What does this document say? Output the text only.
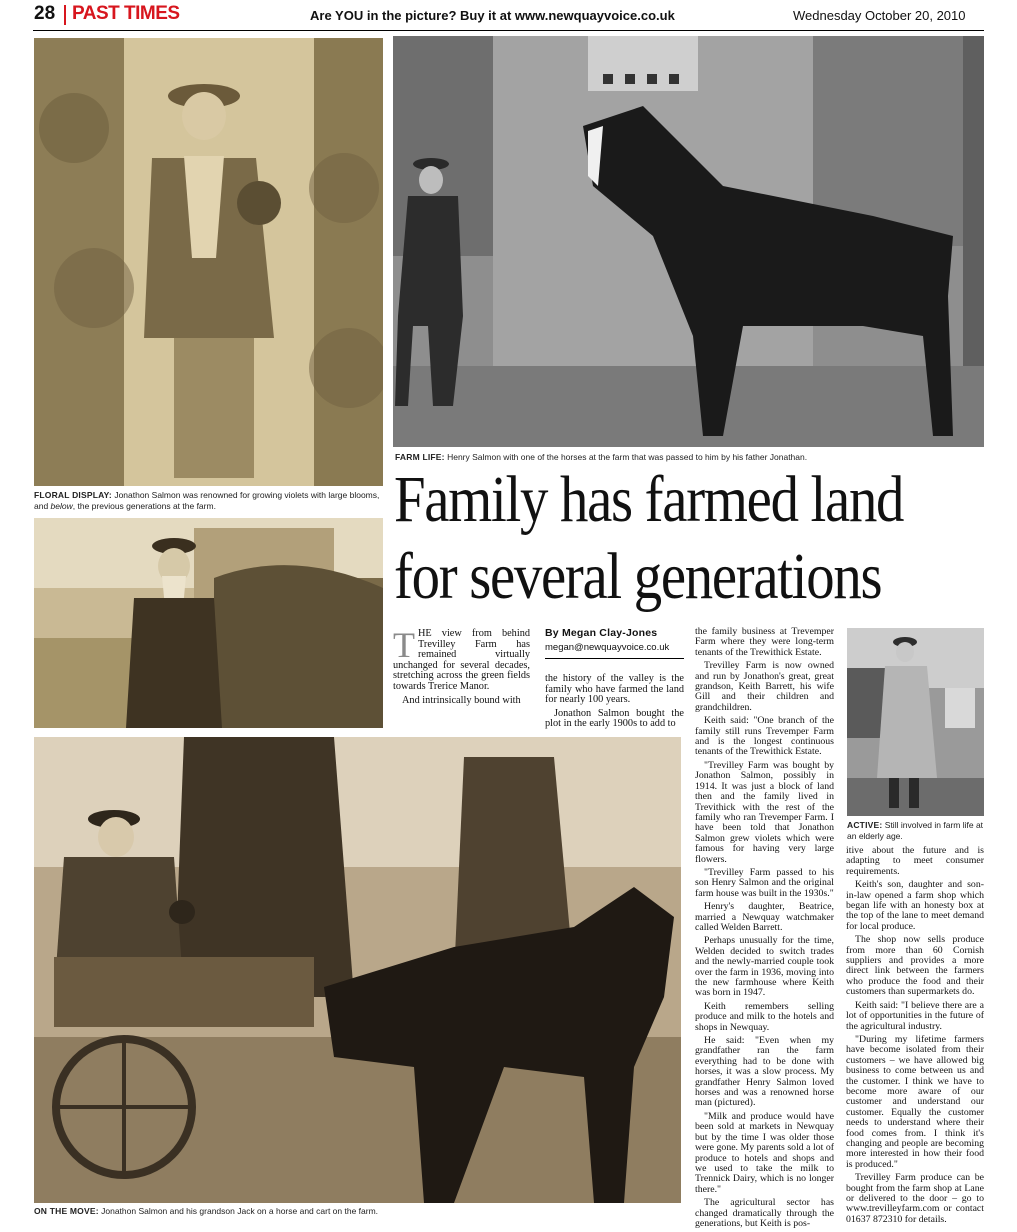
28 PAST TIMES	Are YOU in the picture? Buy it at www.newquayvoice.co.uk	Wednesday October 20, 2010
FLORAL DISPLAY: Jonathon Salmon was renowned for growing violets with large blooms, and below, the previous generations at the farm.
FARM LIFE: Henry Salmon with one of the horses at the farm that was passed to him by his father Jonathan.
Family has farmed land
for several generations
ACTIVE: Still involved in farm life at an elderly age.
ON THE MOVE: Jonathon Salmon and his grandson Jack on a horse and cart on the farm.

THE view from behind Trevilley Farm has remained virtually unchanged for several decades, stretching across the green fields towards Trerice Manor.

And intrinsically bound with

By Megan Clay-Jones
megan@newquayvoice.co.uk

the history of the valley is the family who have farmed the land for nearly 100 years.

Jonathon Salmon bought the plot in the early 1900s to add to

the family business at Trevemper Farm where they were long-term tenants of the Trewithick Estate.

Trevilley Farm is now owned and run by Jonathon's great, great grandson, Keith Barrett, his wife Gill and their children and grandchildren.

Keith said: "One branch of the family still runs Trevemper Farm and is the longest continuous tenants of the Trewithick Estate.

"Trevilley Farm was bought by Jonathon Salmon, possibly in 1914. It was just a block of land then and the family lived in Trevithick with the rest of the family who ran Trevemper Farm. I have been told that Jonathon Salmon grew violets which were famous for having very large flowers.

"Trevilley Farm passed to his son Henry Salmon and the original farm house was built in the 1930s."

Henry's daughter, Beatrice, married a Newquay watchmaker called Welden Barrett.

Perhaps unusually for the time, Welden decided to switch trades and the newly-married couple took over the farm in 1936, moving into the new farmhouse where Keith was born in 1947.

Keith remembers selling produce and milk to the hotels and shops in Newquay.

He said: "Even when my grandfather ran the farm everything had to be done with horses, it was a slow process. My grandfather Henry Salmon loved horses and was a renowned horse man (pictured).

"Milk and produce would have been sold at markets in Newquay but by the time I was older those were gone. My parents sold a lot of produce to hotels and shops and we used to take the milk to Trennick Dairy, which is no longer there."

The agricultural sector has changed dramatically through the generations, but Keith is pos-

itive about the future and is adapting to meet consumer requirements.

Keith's son, daughter and son-in-law opened a farm shop which began life with an honesty box at the top of the lane to meet demand for local produce.

The shop now sells produce from more than 60 Cornish suppliers and provides a more direct link between the farmers who produce the food and their customers than supermarkets do.

Keith said: "I believe there are a lot of opportunities in the future of the agricultural industry.

"During my lifetime farmers have become isolated from their customers – we have allowed big business to come between us and the customer. I think we have to become more aware of our customer and understand our customer. Equally the customer needs to understand where their food comes from. I think it's changing and people are becoming more interested in how their food is produced."

Trevilley Farm produce can be bought from the farm shop at Lane or delivered to the door – go to www.trevilleyfarm.com or contact 01637 872310 for details.
